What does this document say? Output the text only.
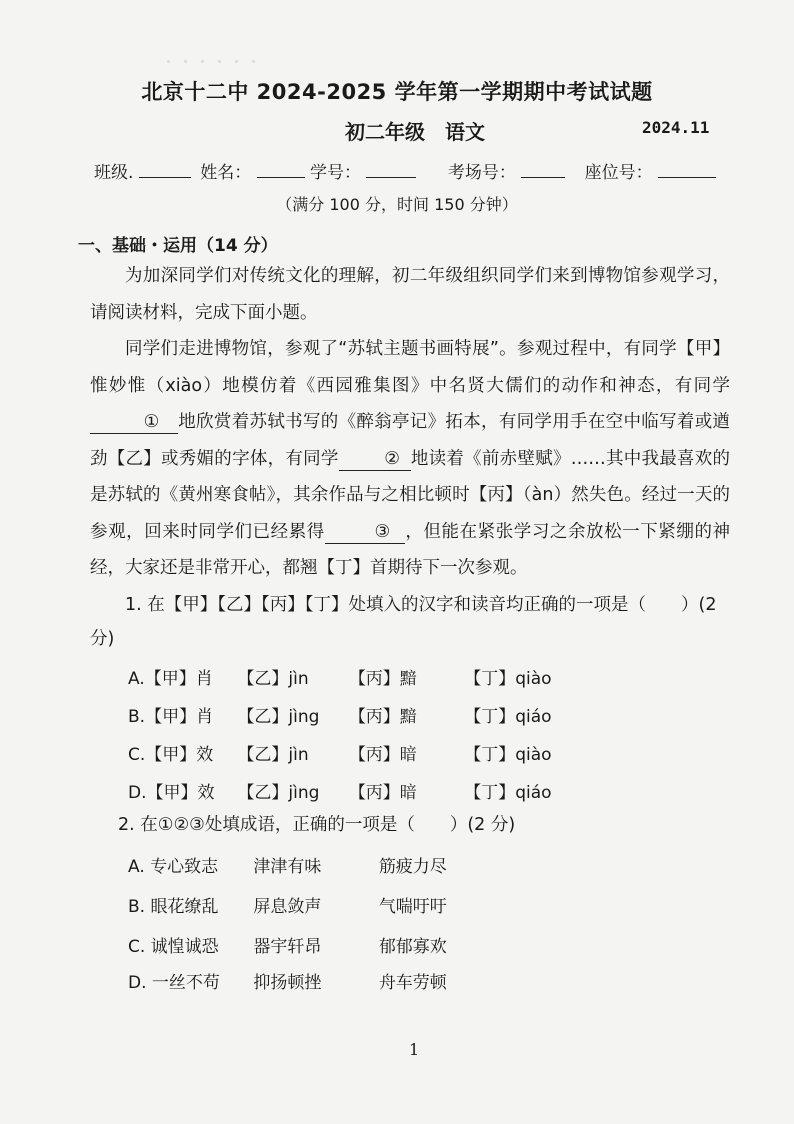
・・・・・・
北京十二中 2024-2025 学年第一学期期中考试试题
初二年级　语文	2024.11
班级.	姓名：	学号：	考场号：	座位号：
（满分 100 分，时间 150 分钟）
一、基础・运用（14 分）

为加深同学们对传统文化的理解，初二年级组织同学们来到博物馆参观学习，请阅读材料，完成下面小题。

同学们走进博物馆，参观了“苏轼主题书画特展”。参观过程中，有同学【甲】惟妙惟（xiào）地模仿着《西园雅集图》中名贤大儒们的动作和神态，有同学① 地欣赏着苏轼书写的《醉翁亭记》拓本，有同学用手在空中临写着或遒劲【乙】或秀媚的字体，有同学	② 地读着《前赤壁赋》……其中我最喜欢的是苏轼的《黄州寒食帖》，其余作品与之相比顿时【丙】（àn）然失色。经过一天的参观，回来时同学们已经累得	③ ，但能在紧张学习之余放松一下紧绷的神经，大家还是非常开心，都翘【丁】首期待下一次参观。

1. 在【甲】【乙】【丙】【丁】处填入的汉字和读音均正确的一项是（　　）(2 分)
A.【甲】肖 【乙】jìn 【丙】黯	【丁】qiào
B.【甲】肖 【乙】jìng 【丙】黯	【丁】qiáo
C.【甲】效 【乙】jìn 【丙】暗	【丁】qiào
D.【甲】效 【乙】jìng 【丙】暗	【丁】qiáo
2. 在①②③处填成语，正确的一项是（　　）(2 分)
A. 专心致志 津津有味	筋疲力尽
B. 眼花缭乱 屏息敛声	气喘吁吁
C. 诚惶诚恐 器宇轩昂	郁郁寡欢
D. 一丝不苟 抑扬顿挫	舟车劳顿
1
